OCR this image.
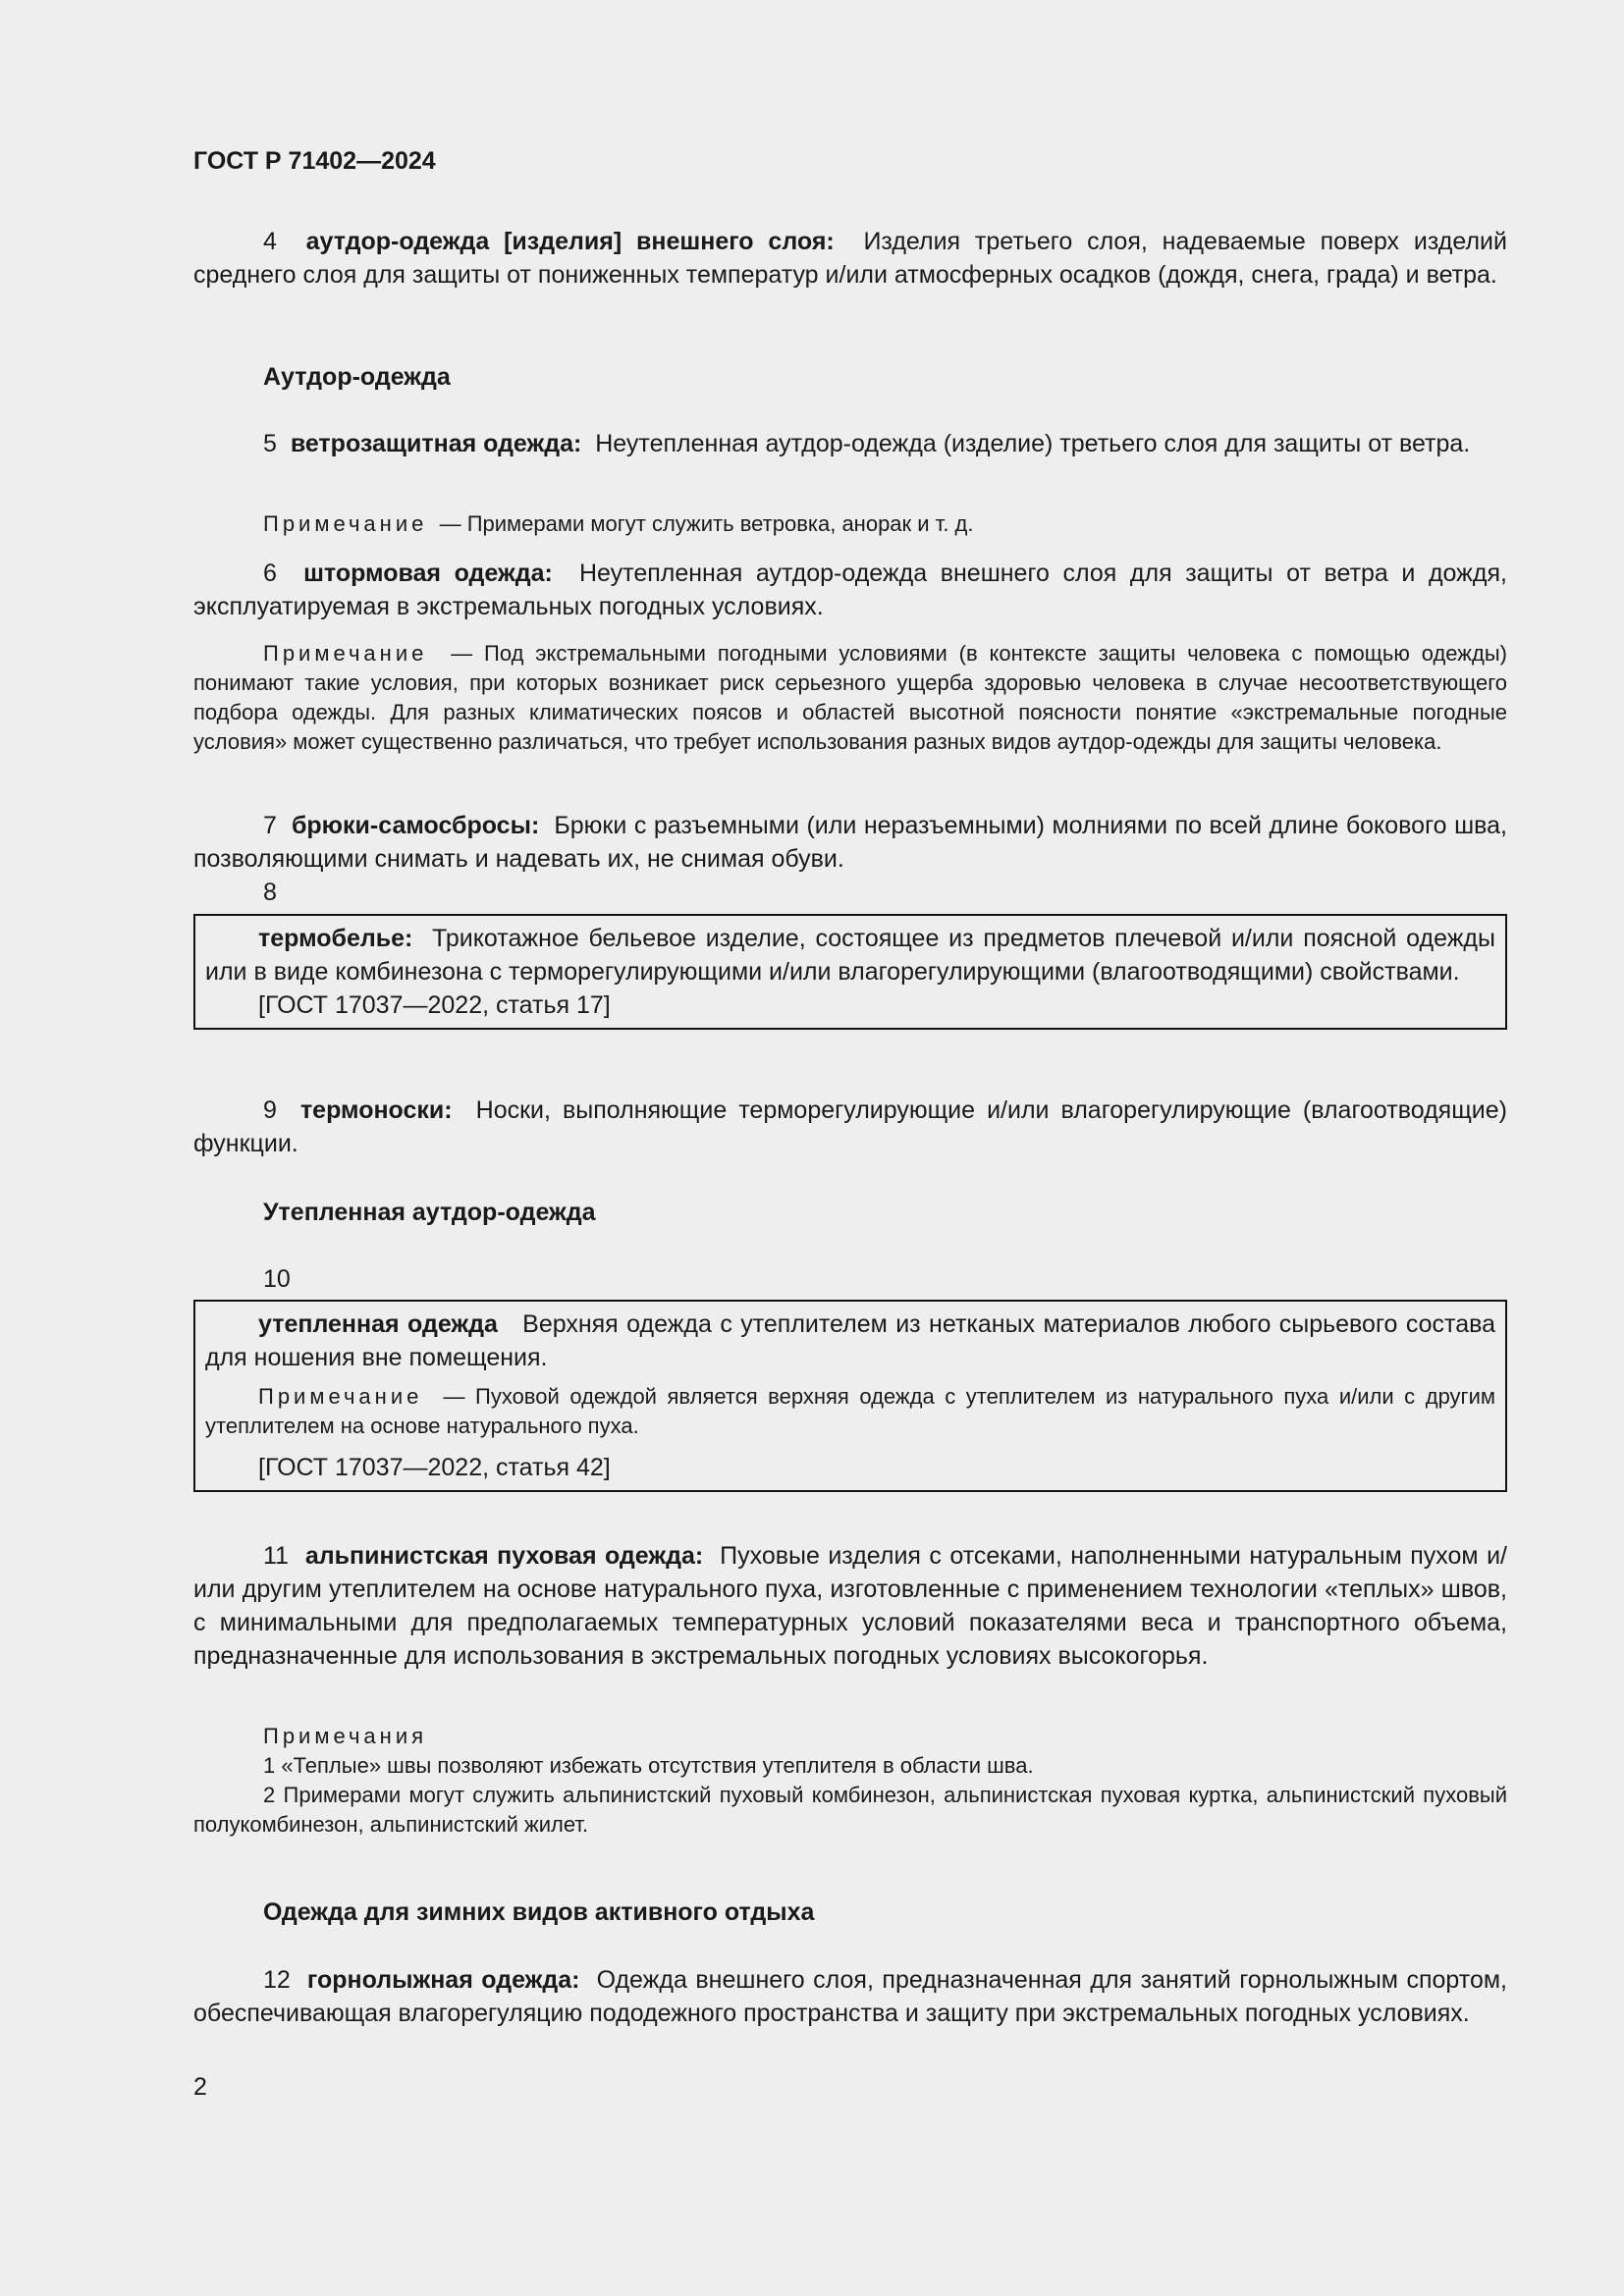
ГОСТ Р 71402—2024

4 аутдор-одежда [изделия] внешнего слоя: Изделия третьего слоя, надеваемые поверх изделий среднего слоя для защиты от пониженных температур и/или атмосферных осадков (дождя, снега, града) и ветра.

Аутдор-одежда

5 ветрозащитная одежда: Неутепленная аутдор-одежда (изделие) третьего слоя для защиты от ветра.

Примечание — Примерами могут служить ветровка, анорак и т. д.

6 штормовая одежда: Неутепленная аутдор-одежда внешнего слоя для защиты от ветра и дождя, эксплуатируемая в экстремальных погодных условиях.

Примечание — Под экстремальными погодными условиями (в контексте защиты человека с помощью одежды) понимают такие условия, при которых возникает риск серьезного ущерба здоровью человека в случае несоответствующего подбора одежды. Для разных климатических поясов и областей высотной поясности понятие «экстремальные погодные условия» может существенно различаться, что требует использования разных видов аутдор-одежды для защиты человека.

7 брюки-самосбросы: Брюки с разъемными (или неразъемными) молниями по всей длине бокового шва, позволяющими снимать и надевать их, не снимая обуви.

8

термобелье: Трикотажное бельевое изделие, состоящее из предметов плечевой и/или поясной одежды или в виде комбинезона с терморегулирующими и/или влагорегулирующими (влагоотводящими) свойствами.

[ГОСТ 17037—2022, статья 17]

9 термоноски: Носки, выполняющие терморегулирующие и/или влагорегулирующие (влагоотводящие) функции.

Утепленная аутдор-одежда
10

утепленная одежда Верхняя одежда с утеплителем из нетканых материалов любого сырьевого состава для ношения вне помещения.

Примечание — Пуховой одеждой является верхняя одежда с утеплителем из натурального пуха и/или с другим утеплителем на основе натурального пуха.

[ГОСТ 17037—2022, статья 42]

11 альпинистская пуховая одежда: Пуховые изделия с отсеками, наполненными натуральным пухом и/или другим утеплителем на основе натурального пуха, изготовленные с применением технологии «теплых» швов, с минимальными для предполагаемых температурных условий показателями веса и транспортного объема, предназначенные для использования в экстремальных погодных условиях высокогорья.

Примечания

1 «Теплые» швы позволяют избежать отсутствия утеплителя в области шва.

2 Примерами могут служить альпинистский пуховый комбинезон, альпинистская пуховая куртка, альпинистский пуховый полукомбинезон, альпинистский жилет.

Одежда для зимних видов активного отдыха

12 горнолыжная одежда: Одежда внешнего слоя, предназначенная для занятий горнолыжным спортом, обеспечивающая влагорегуляцию пододежного пространства и защиту при экстремальных погодных условиях.

2
